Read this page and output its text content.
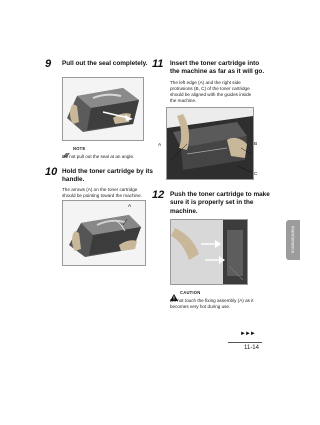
9 Pull out the seal completely.
NOTE
Do not pull out the seal at an angle.
10 Hold the toner cartridge by its
handle.
The arrows (A) on the toner cartridge
should be pointing toward the machine.
A
11 Insert the toner cartridge into
the machine as far as it will go.
The left edge (A) and the right side
protrusions (B, C) of the toner cartridge
should be aligned with the guides inside
the machine.
A	B
C
12 Push the toner cartridge to make
sure it is properly set in the
machine.
CAUTION
Do not touch the fixing assembly (A) as it
becomes very hot during use.
Maintenance
►►►
11-14
